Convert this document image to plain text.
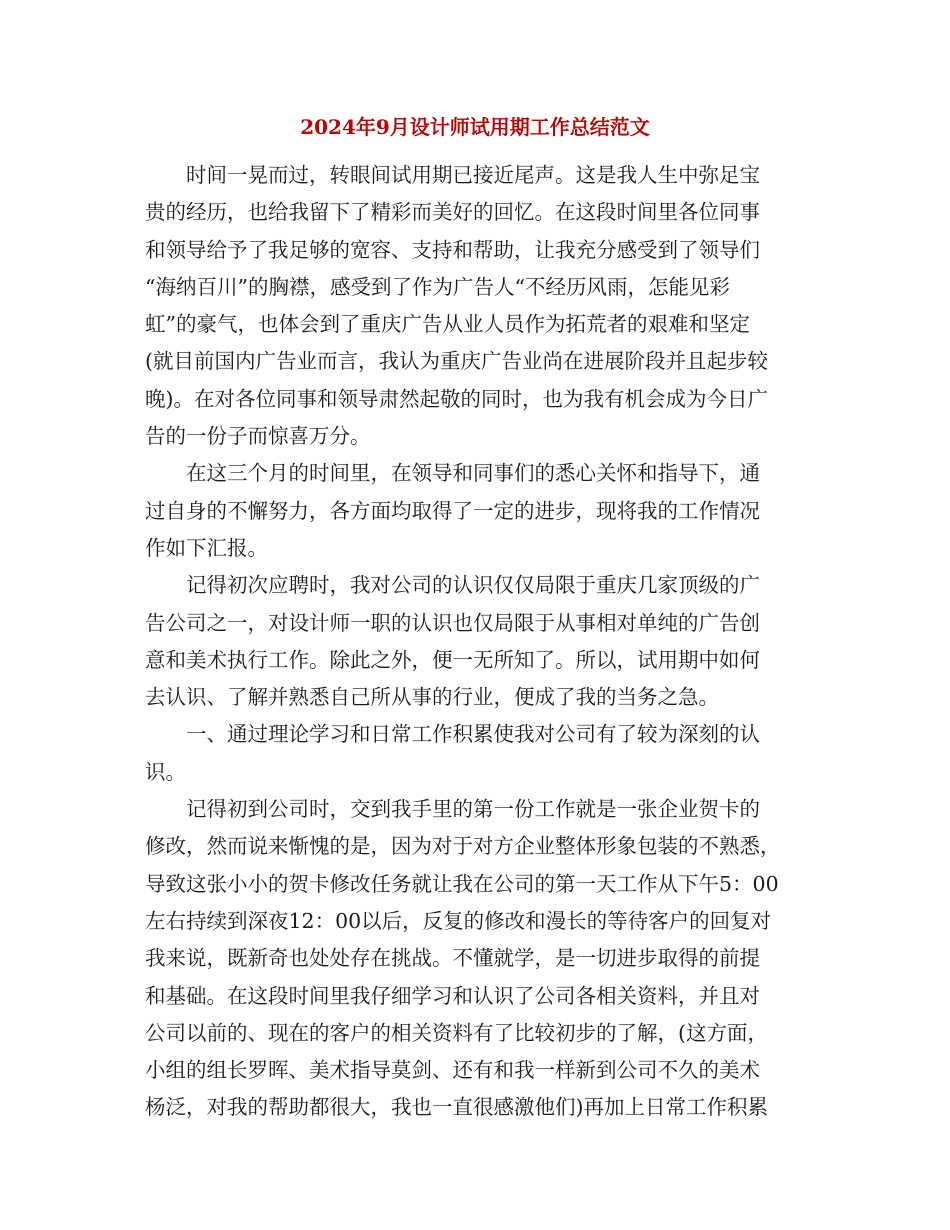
2024年9月设计师试用期工作总结范文
时间一晃而过，转眼间试用期已接近尾声。这是我人生中弥足宝
贵的经历，也给我留下了精彩而美好的回忆。在这段时间里各位同事
和领导给予了我足够的宽容、支持和帮助，让我充分感受到了领导们
“海纳百川”的胸襟，感受到了作为广告人“不经历风雨，怎能见彩
虹”的豪气，也体会到了重庆广告从业人员作为拓荒者的艰难和坚定
(就目前国内广告业而言，我认为重庆广告业尚在进展阶段并且起步较
晚)。在对各位同事和领导肃然起敬的同时，也为我有机会成为今日广
告的一份子而惊喜万分。
在这三个月的时间里，在领导和同事们的悉心关怀和指导下，通
过自身的不懈努力，各方面均取得了一定的进步，现将我的工作情况
作如下汇报。
记得初次应聘时，我对公司的认识仅仅局限于重庆几家顶级的广
告公司之一，对设计师一职的认识也仅局限于从事相对单纯的广告创
意和美术执行工作。除此之外，便一无所知了。所以，试用期中如何
去认识、了解并熟悉自己所从事的行业，便成了我的当务之急。
一、通过理论学习和日常工作积累使我对公司有了较为深刻的认
识。
记得初到公司时，交到我手里的第一份工作就是一张企业贺卡的
修改，然而说来惭愧的是，因为对于对方企业整体形象包装的不熟悉，
导致这张小小的贺卡修改任务就让我在公司的第一天工作从下午5：00
左右持续到深夜12：00以后，反复的修改和漫长的等待客户的回复对
我来说，既新奇也处处存在挑战。不懂就学，是一切进步取得的前提
和基础。在这段时间里我仔细学习和认识了公司各相关资料，并且对
公司以前的、现在的客户的相关资料有了比较初步的了解，(这方面，
小组的组长罗晖、美术指导莫剑、还有和我一样新到公司不久的美术
杨泛，对我的帮助都很大，我也一直很感激他们)再加上日常工作积累
